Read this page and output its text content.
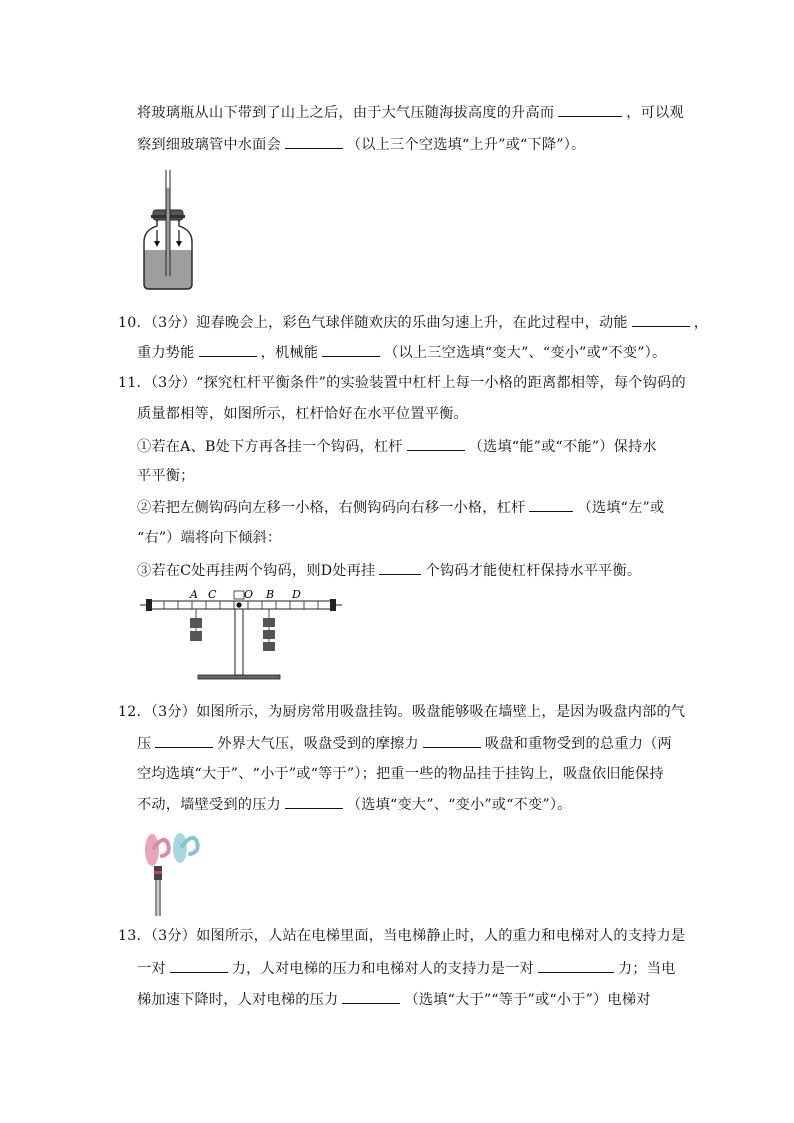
将玻璃瓶从山下带到了山上之后，由于大气压随海拔高度的升高而	，可以观
察到细玻璃管中水面会	（以上三个空选填“上升”或“下降”）。
10．（3分）迎春晚会上，彩色气球伴随欢庆的乐曲匀速上升，在此过程中，动能	，
重力势能	，机械能	（以上三空选填“变大”、“变小”或“不变”）。
11．（3分）“探究杠杆平衡条件”的实验装置中杠杆上每一小格的距离都相等，每个钩码的
质量都相等，如图所示，杠杆恰好在水平位置平衡。
①若在A、B处下方再各挂一个钩码，杠杆	（选填“能”或“不能”）保持水
平平衡；
②若把左侧钩码向左移一小格，右侧钩码向右移一小格，杠杆	（选填“左”或
“右”）端将向下倾斜：
③若在C处再挂两个钩码，则D处再挂	个钩码才能使杠杆保持水平平衡。
A C	O B D
12．（3分）如图所示，为厨房常用吸盘挂钩。吸盘能够吸在墙壁上，是因为吸盘内部的气
压	外界大气压，吸盘受到的摩擦力	吸盘和重物受到的总重力（两
空均选填“大于”、“小于”或“等于”）；把重一些的物品挂于挂钩上，吸盘依旧能保持
不动，墙壁受到的压力	（选填“变大”、“变小”或“不变”）。
13．（3分）如图所示，人站在电梯里面，当电梯静止时，人的重力和电梯对人的支持力是
一对	力，人对电梯的压力和电梯对人的支持力是一对	力；当电
梯加速下降时，人对电梯的压力	（选填“大于”“等于”或“小于”）电梯对
